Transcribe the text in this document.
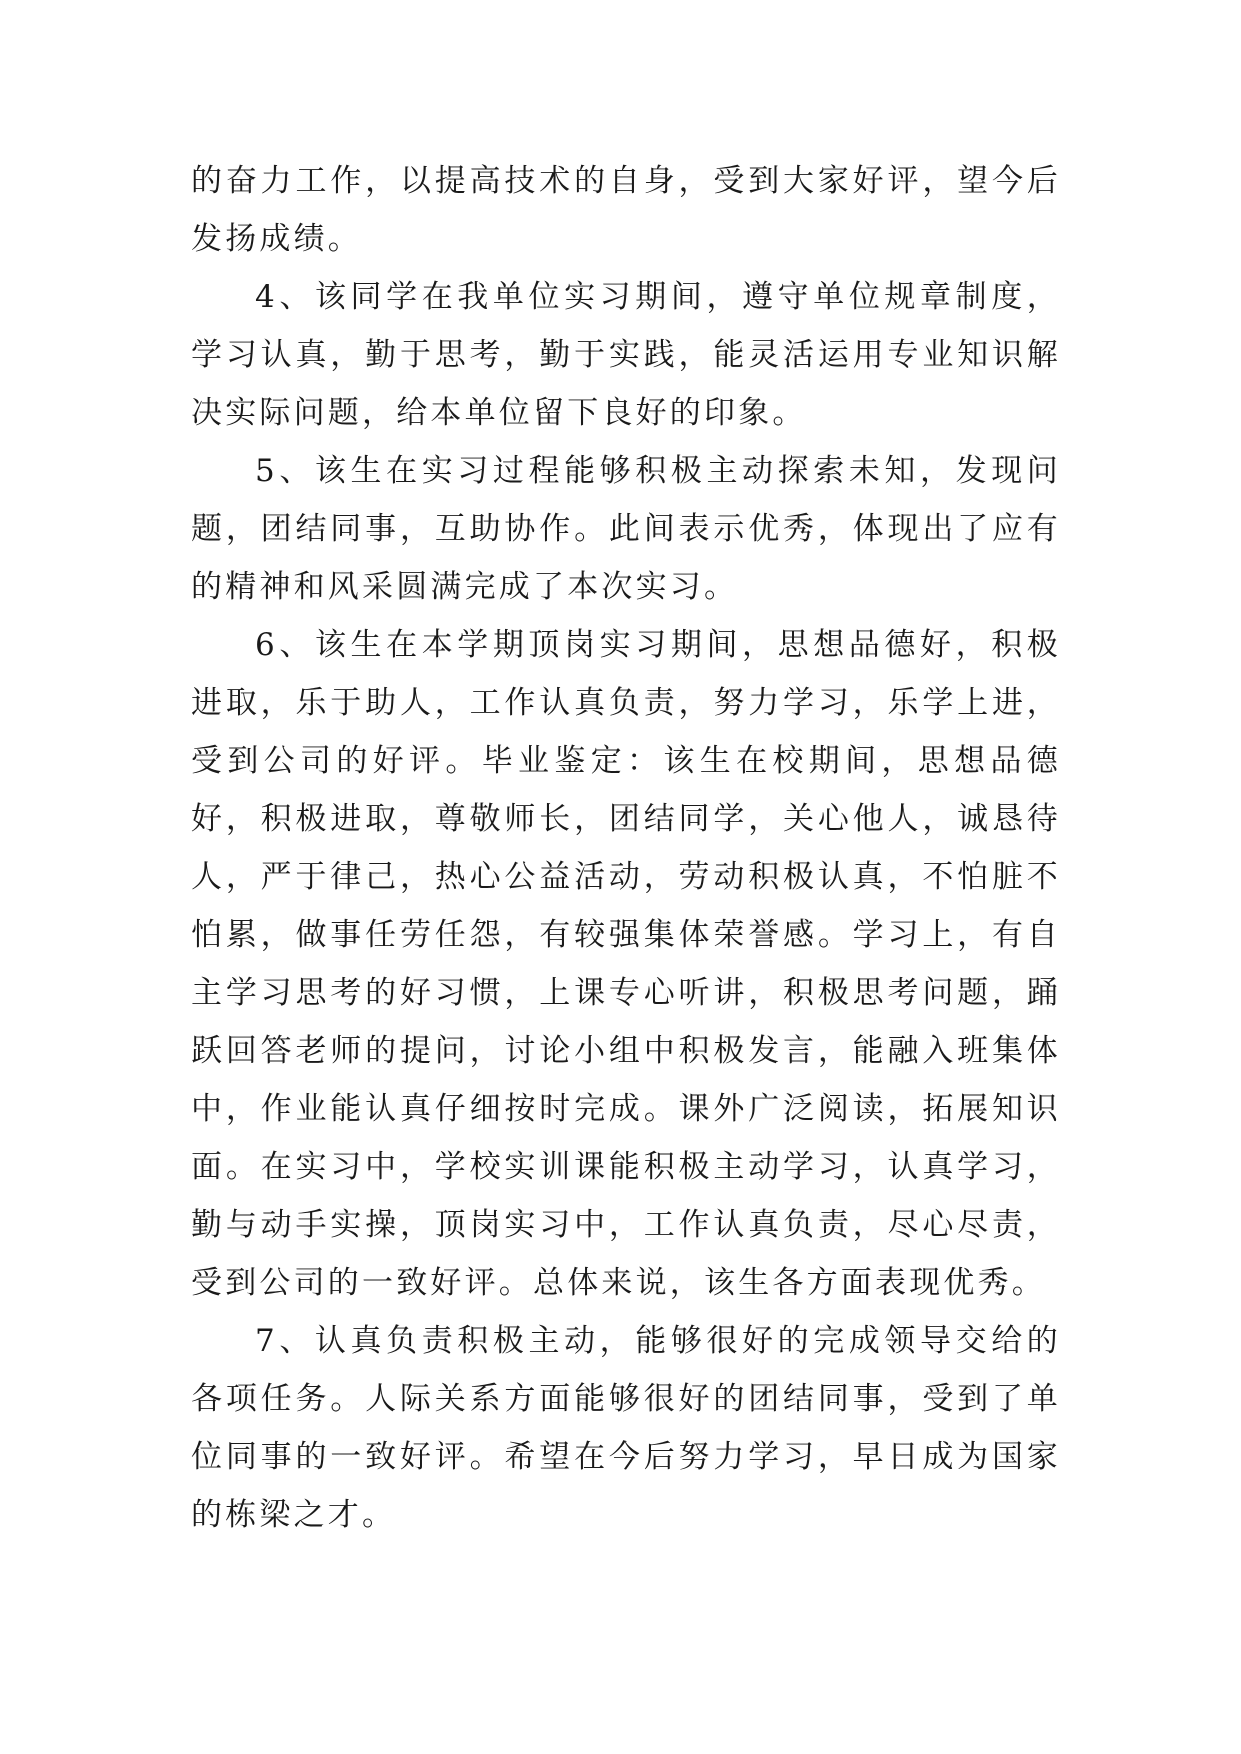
的奋力工作，以提高技术的自身，受到大家好评，望今后发扬成绩。

4、该同学在我单位实习期间，遵守单位规章制度，学习认真，勤于思考，勤于实践，能灵活运用专业知识解决实际问题，给本单位留下良好的印象。

5、该生在实习过程能够积极主动探索未知，发现问题，团结同事，互助协作。此间表示优秀，体现出了应有的精神和风采圆满完成了本次实习。

6、该生在本学期顶岗实习期间，思想品德好，积极进取，乐于助人，工作认真负责，努力学习，乐学上进，受到公司的好评。毕业鉴定：该生在校期间，思想品德好，积极进取，尊敬师长，团结同学，关心他人，诚恳待人，严于律己，热心公益活动，劳动积极认真，不怕脏不怕累，做事任劳任怨，有较强集体荣誉感。学习上，有自主学习思考的好习惯，上课专心听讲，积极思考问题，踊跃回答老师的提问，讨论小组中积极发言，能融入班集体中，作业能认真仔细按时完成。课外广泛阅读，拓展知识面。在实习中，学校实训课能积极主动学习，认真学习，勤与动手实操，顶岗实习中，工作认真负责，尽心尽责，受到公司的一致好评。总体来说，该生各方面表现优秀。

7、认真负责积极主动，能够很好的完成领导交给的各项任务。人际关系方面能够很好的团结同事，受到了单位同事的一致好评。希望在今后努力学习，早日成为国家的栋梁之才。
